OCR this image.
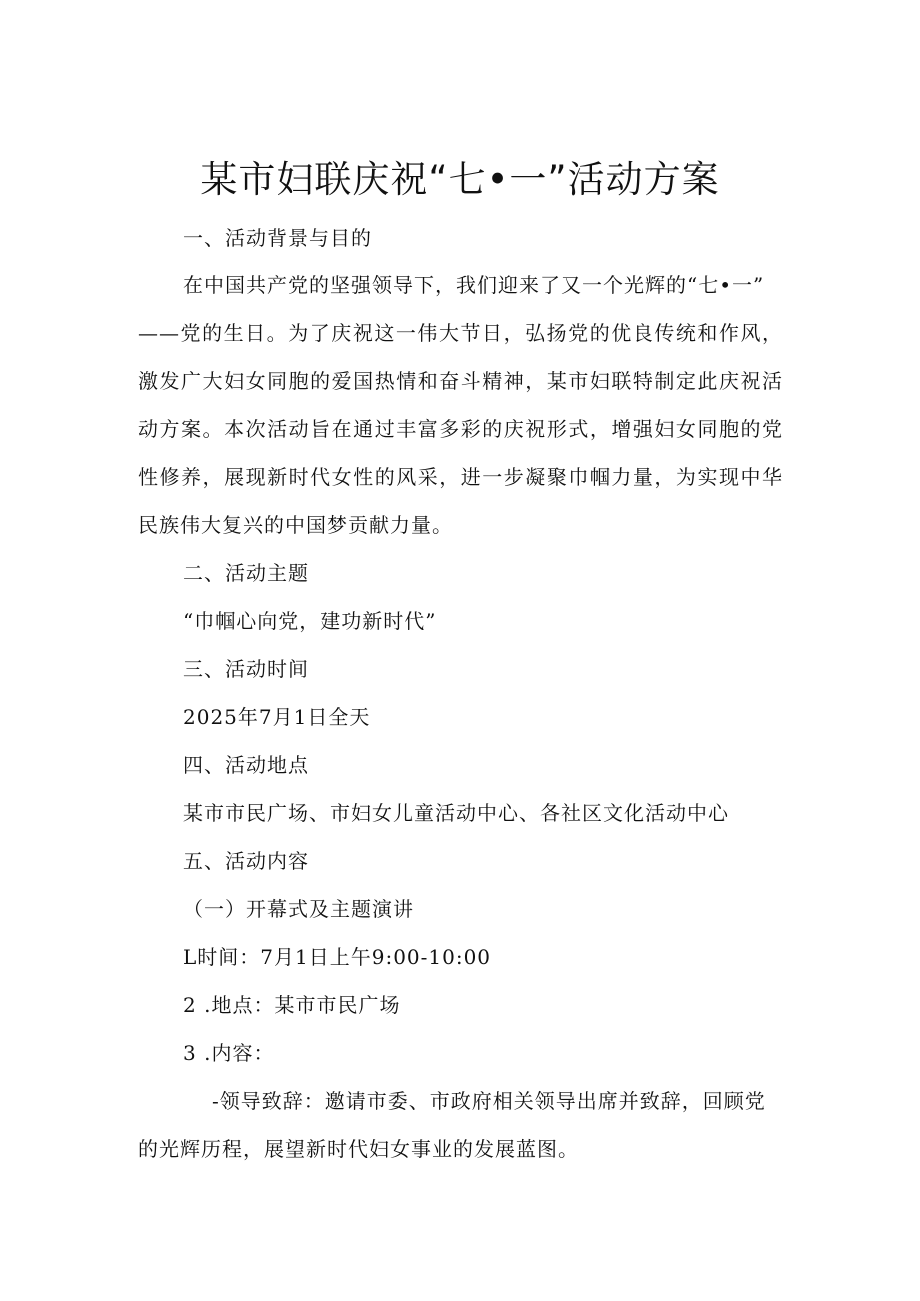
某市妇联庆祝“七•一”活动方案
一、活动背景与目的
在中国共产党的坚强领导下，我们迎来了又一个光辉的“七•一”
——党的生日。为了庆祝这一伟大节日，弘扬党的优良传统和作风，
激发广大妇女同胞的爱国热情和奋斗精神，某市妇联特制定此庆祝活
动方案。本次活动旨在通过丰富多彩的庆祝形式，增强妇女同胞的党
性修养，展现新时代女性的风采，进一步凝聚巾帼力量，为实现中华
民族伟大复兴的中国梦贡献力量。
二、活动主题
“巾帼心向党，建功新时代”
三、活动时间
2025年7月1日全天
四、活动地点
某市市民广场、市妇女儿童活动中心、各社区文化活动中心
五、活动内容
（一）开幕式及主题演讲
L时间：7月1日上午9:00-10:00
2 .地点：某市市民广场
3 .内容：
-领导致辞：邀请市委、市政府相关领导出席并致辞，回顾党
的光辉历程，展望新时代妇女事业的发展蓝图。
